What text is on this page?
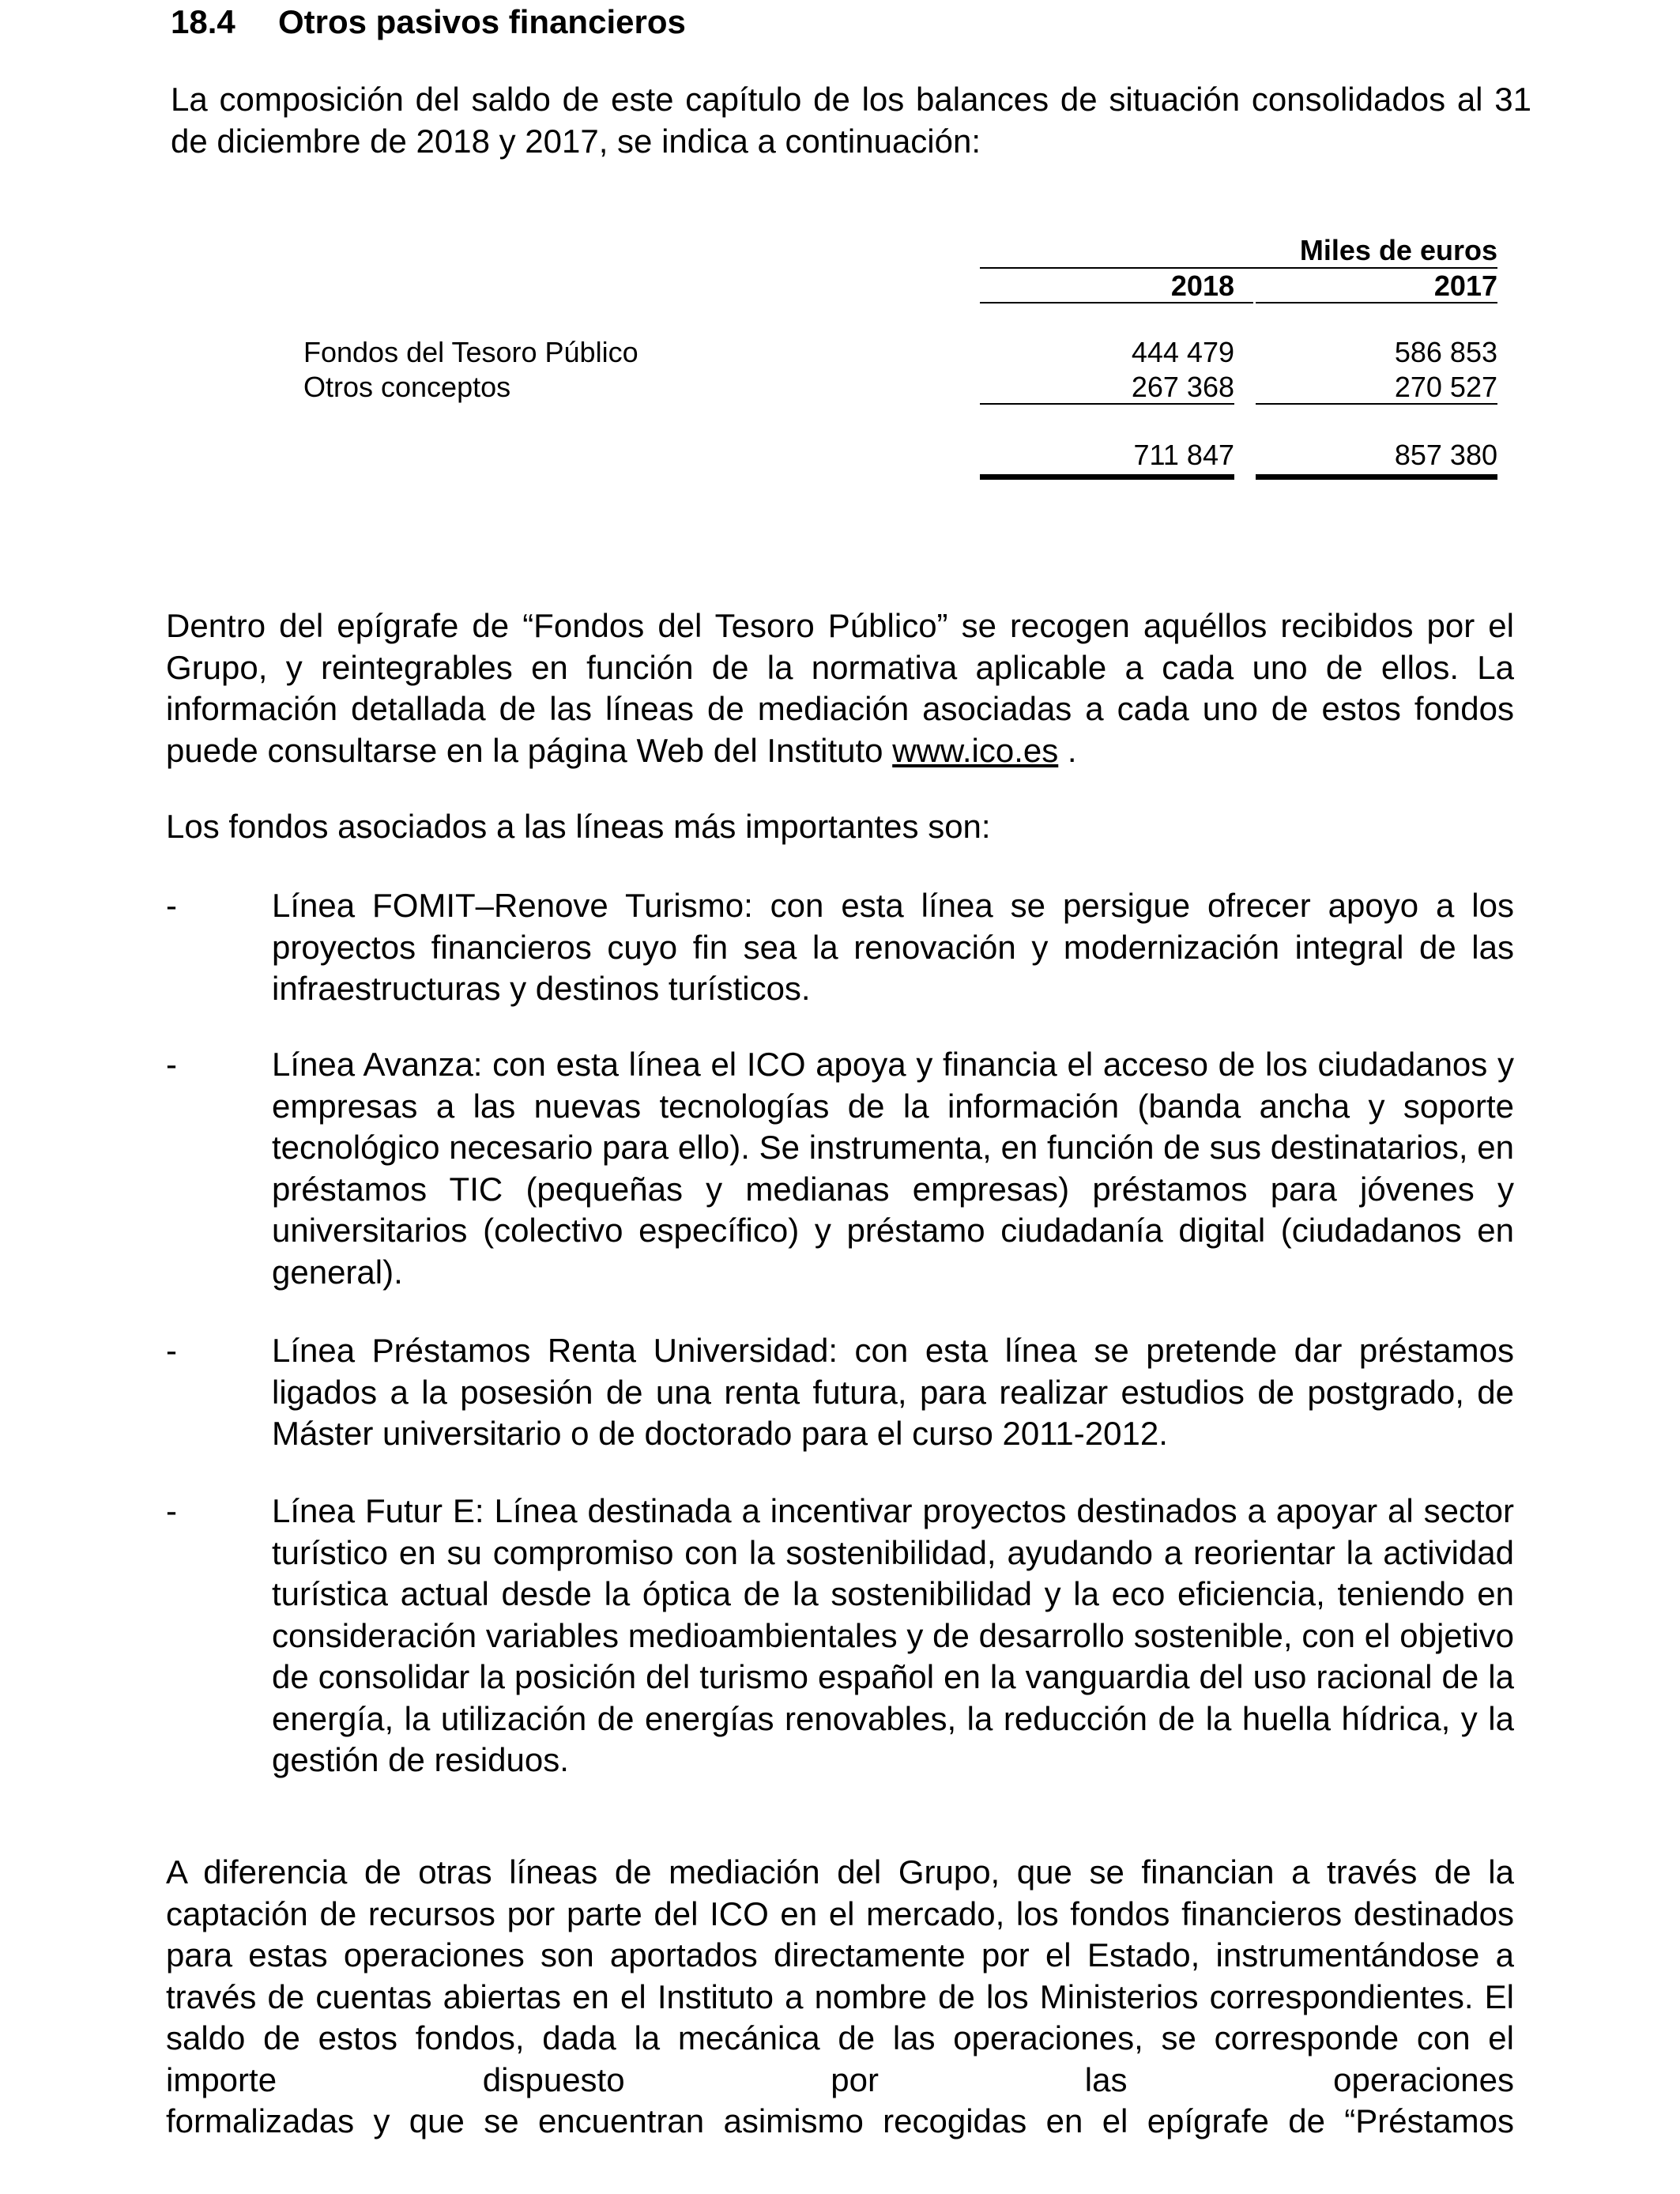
18.4 Otros pasivos financieros

La composición del saldo de este capítulo de los balances de situación consolidados al 31 de diciembre de 2018 y 2017, se indica a continuación:

Miles de euros
2018	2017
Fondos del Tesoro Público	444 479	586 853
Otros conceptos	267 368	270 527
711 847	857 380

Dentro del epígrafe de “Fondos del Tesoro Público” se recogen aquéllos recibidos por el Grupo, y reintegrables en función de la normativa aplicable a cada uno de ellos. La información detallada de las líneas de mediación asociadas a cada uno de estos fondos puede consultarse en la página Web del Instituto www.ico.es .

Los fondos asociados a las líneas más importantes son:

-	Línea FOMIT–Renove Turismo: con esta línea se persigue ofrecer apoyo a los proyectos financieros cuyo fin sea la renovación y modernización integral de las infraestructuras y destinos turísticos.

-	Línea Avanza: con esta línea el ICO apoya y financia el acceso de los ciudadanos y empresas a las nuevas tecnologías de la información (banda ancha y soporte tecnológico necesario para ello). Se instrumenta, en función de sus destinatarios, en préstamos TIC (pequeñas y medianas empresas) préstamos para jóvenes y universitarios (colectivo específico) y préstamo ciudadanía digital (ciudadanos en general).

-	Línea Préstamos Renta Universidad: con esta línea se pretende dar préstamos ligados a la posesión de una renta futura, para realizar estudios de postgrado, de Máster universitario o de doctorado para el curso 2011-2012.

-	Línea Futur E: Línea destinada a incentivar proyectos destinados a apoyar al sector turístico en su compromiso con la sostenibilidad, ayudando a reorientar la actividad turística actual desde la óptica de la sostenibilidad y la eco eficiencia, teniendo en consideración variables medioambientales y de desarrollo sostenible, con el objetivo de consolidar la posición del turismo español en la vanguardia del uso racional de la energía, la utilización de energías renovables, la reducción de la huella hídrica, y la gestión de residuos.

A diferencia de otras líneas de mediación del Grupo, que se financian a través de la captación de recursos por parte del ICO en el mercado, los fondos financieros destinados para estas operaciones son aportados directamente por el Estado, instrumentándose a través de cuentas abiertas en el Instituto a nombre de los Ministerios correspondientes. El saldo de estos fondos, dada la mecánica de las operaciones, se corresponde con el importe dispuesto por las operaciones
formalizadas y que se encuentran asimismo recogidas en el epígrafe de “Préstamos
